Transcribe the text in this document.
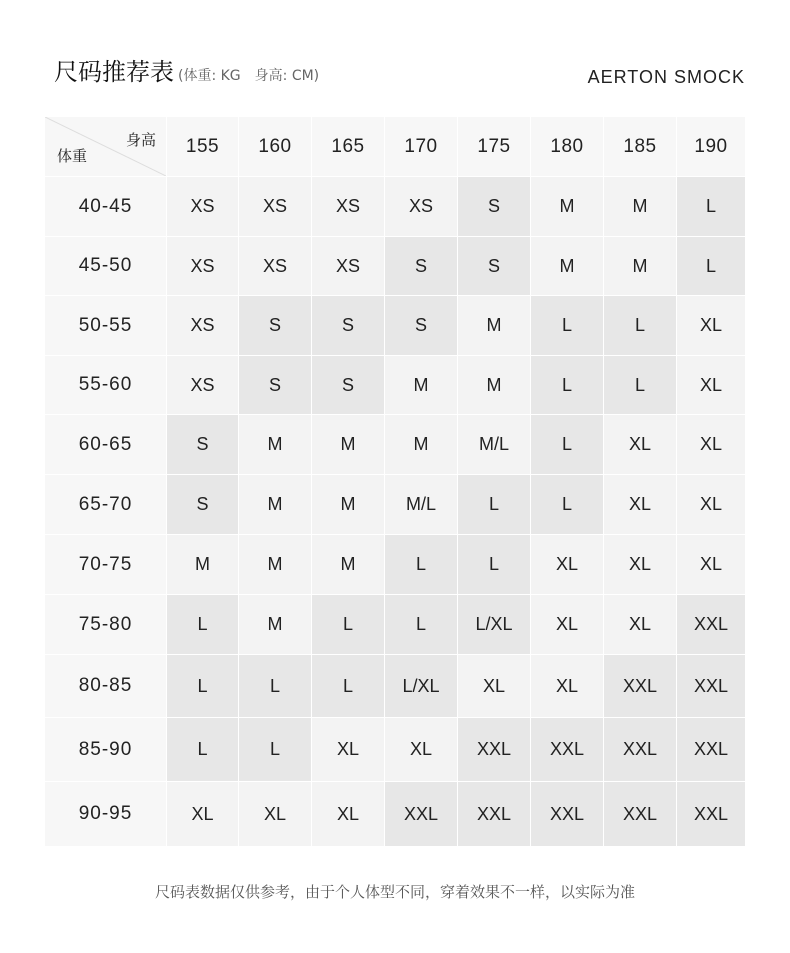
尺码推荐表 (体重: KG　身高: CM)	AERTON SMOCK
身高
体重	155	160	165	170	175	180	185	190
40-45	XS	XS	XS	XS	S	M	M	L
45-50	XS	XS	XS	S	S	M	M	L
50-55	XS	S	S	S	M	L	L	XL
55-60	XS	S	S	M	M	L	L	XL
60-65	S	M	M	M	M/L	L	XL	XL
65-70	S	M	M	M/L	L	L	XL	XL
70-75	M	M	M	L	L	XL	XL	XL
75-80	L	M	L	L	L/XL	XL	XL	XXL
80-85	L	L	L	L/XL	XL	XL	XXL	XXL
85-90	L	L	XL	XL	XXL	XXL	XXL	XXL
90-95	XL	XL	XL	XXL	XXL	XXL	XXL	XXL
尺码表数据仅供参考，由于个人体型不同，穿着效果不一样，以实际为准
